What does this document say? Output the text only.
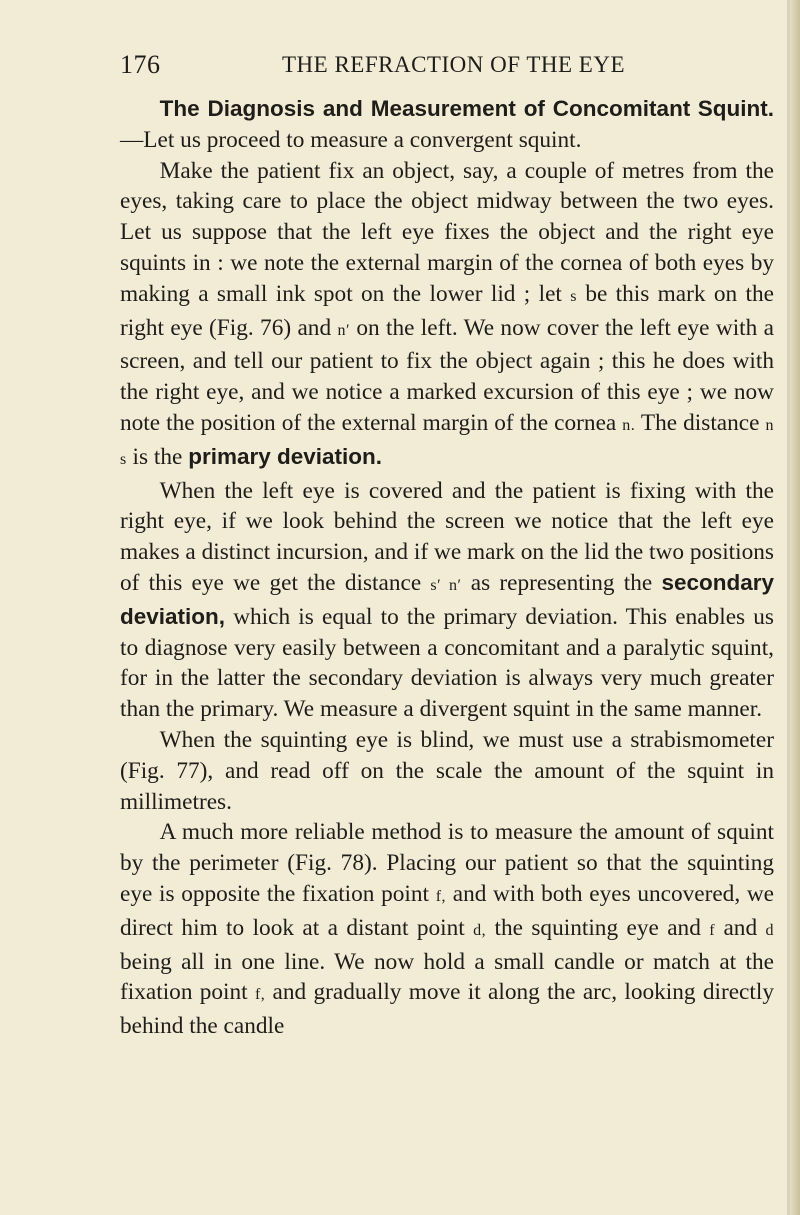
176	THE REFRACTION OF THE EYE

The Diagnosis and Measurement of Concomitant Squint.—Let us proceed to measure a convergent squint.

Make the patient fix an object, say, a couple of metres from the eyes, taking care to place the object midway between the two eyes. Let us suppose that the left eye fixes the object and the right eye squints in : we note the external margin of the cornea of both eyes by making a small ink spot on the lower lid ; let s be this mark on the right eye (Fig. 76) and n′ on the left. We now cover the left eye with a screen, and tell our patient to fix the object again ; this he does with the right eye, and we notice a marked excursion of this eye ; we now note the position of the external margin of the cornea n. The distance n s is the primary deviation.

When the left eye is covered and the patient is fixing with the right eye, if we look behind the screen we notice that the left eye makes a distinct incursion, and if we mark on the lid the two positions of this eye we get the distance s′ n′ as representing the secondary deviation, which is equal to the primary deviation. This enables us to diagnose very easily between a concomitant and a paralytic squint, for in the latter the secondary deviation is always very much greater than the primary. We measure a divergent squint in the same manner.

When the squinting eye is blind, we must use a strabismometer (Fig. 77), and read off on the scale the amount of the squint in millimetres.

A much more reliable method is to measure the amount of squint by the perimeter (Fig. 78). Placing our patient so that the squinting eye is opposite the fixation point f, and with both eyes uncovered, we direct him to look at a distant point d, the squinting eye and f and d being all in one line. We now hold a small candle or match at the fixation point f, and gradually move it along the arc, looking directly behind the candle
